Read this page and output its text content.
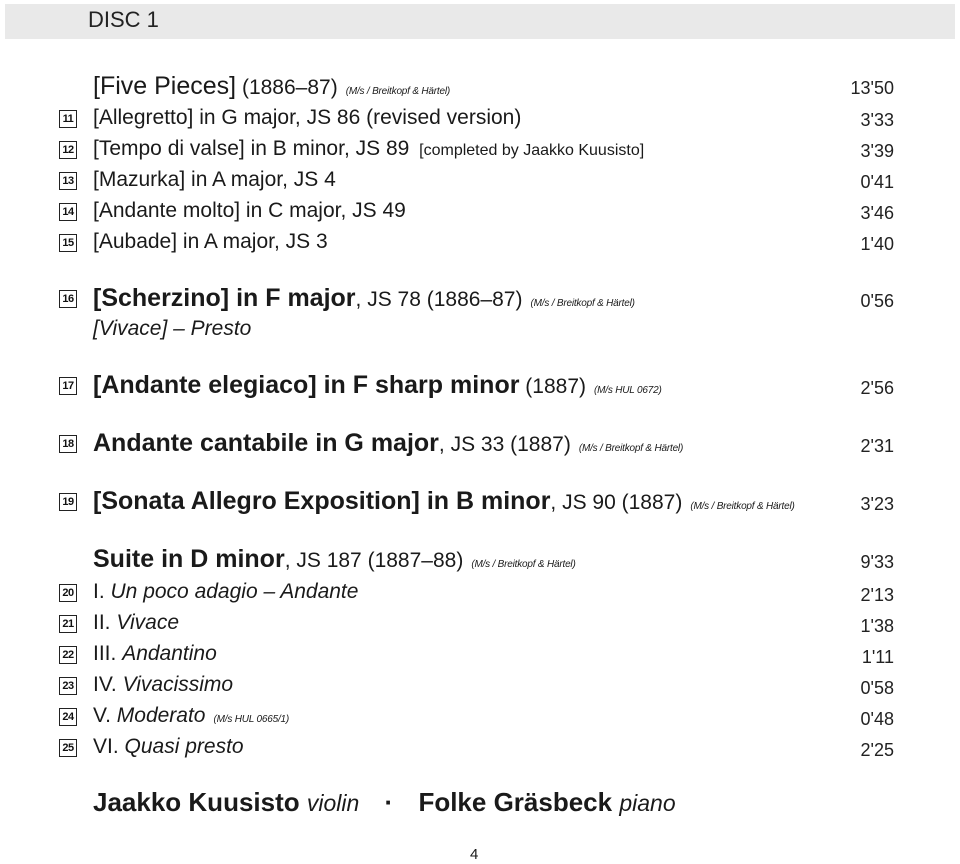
DISC 1
[Five Pieces] (1886–87) (M/s / Breitkopf & Härtel)	13'50
11 [Allegretto] in G major, JS 86 (revised version)	3'33
12 [Tempo di valse] in B minor, JS 89 [completed by Jaakko Kuusisto]	3'39
13 [Mazurka] in A major, JS 4	0'41
14 [Andante molto] in C major, JS 49	3'46
15 [Aubade] in A major, JS 3	1'40
16 [Scherzino] in F major, JS 78 (1886–87) (M/s / Breitkopf & Härtel)	0'56
[Vivace] – Presto
17 [Andante elegiaco] in F sharp minor (1887) (M/s HUL 0672)	2'56
18 Andante cantabile in G major, JS 33 (1887) (M/s / Breitkopf & Härtel)	2'31
19 [Sonata Allegro Exposition] in B minor, JS 90 (1887) (M/s / Breitkopf & Härtel)	3'23
Suite in D minor, JS 187 (1887–88) (M/s / Breitkopf & Härtel)	9'33
20 I. Un poco adagio – Andante	2'13
21 II. Vivace	1'38
22 III. Andantino	1'11
23 IV. Vivacissimo	0'58
24 V. Moderato (M/s HUL 0665/1)	0'48
25 VI. Quasi presto	2'25
Jaakko Kuusisto violin · Folke Gräsbeck piano
4
